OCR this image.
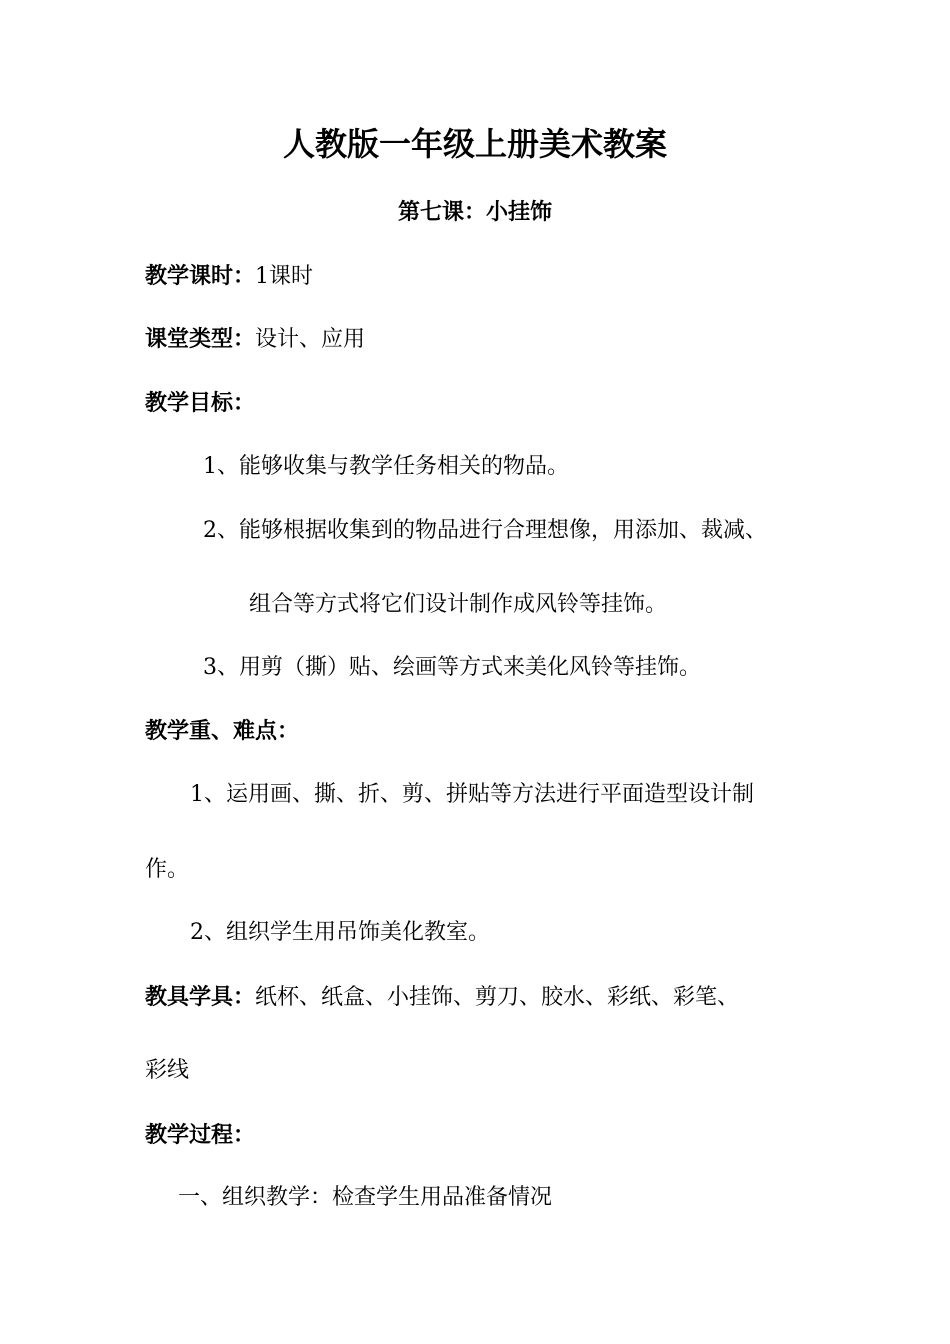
人教版一年级上册美术教案
第七课：小挂饰
教学课时：1课时
课堂类型：设计、应用
教学目标：
1、能够收集与教学任务相关的物品。
2、能够根据收集到的物品进行合理想像，用添加、裁减、
组合等方式将它们设计制作成风铃等挂饰。
3、用剪（撕）贴、绘画等方式来美化风铃等挂饰。
教学重、难点：
1、运用画、撕、折、剪、拼贴等方法进行平面造型设计制
作。
2、组织学生用吊饰美化教室。
教具学具：纸杯、纸盒、小挂饰、剪刀、胶水、彩纸、彩笔、
彩线
教学过程：
一、组织教学：检查学生用品准备情况
